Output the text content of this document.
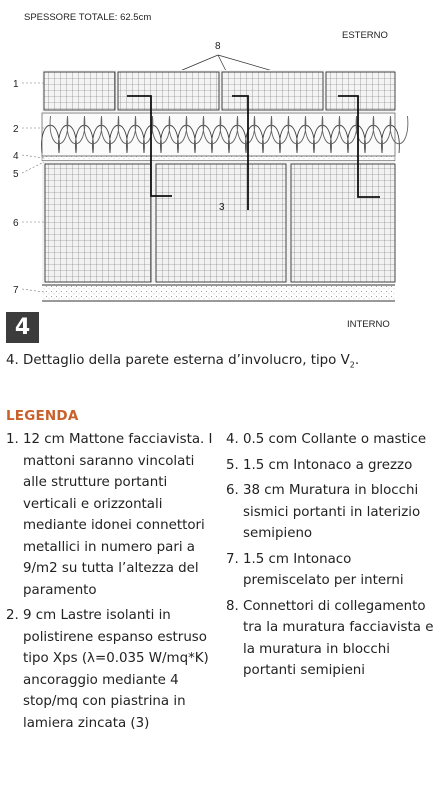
SPESSORE TOTALE: 62.5cm
ESTERNO
INTERNO
8
3
1
2
4
5
6
7
4
4. Dettaglio della parete esterna d’involucro, tipo $V_2$.
LEGENDA
1. 12 cm Mattone facciavista. I mattoni saranno vincolati alle strutture portanti verticali e orizzontali mediante idonei connettori metallici in numero pari a 9/m2 su tutta l’altezza del paramento
2. 9 cm Lastre isolanti in polistirene espanso estruso tipo Xps (λ=0.035 W/mq*K) ancoraggio mediante 4 stop/mq con piastrina in lamiera zincata (3)
4. 0.5 com Collante o mastice
5. 1.5 cm Intonaco a grezzo
6. 38 cm Muratura in blocchi sismici portanti in laterizio semipieno
7. 1.5 cm Intonaco premiscelato per interni
8. Connettori di collegamento tra la muratura facciavista e la muratura in blocchi portanti semipieni
